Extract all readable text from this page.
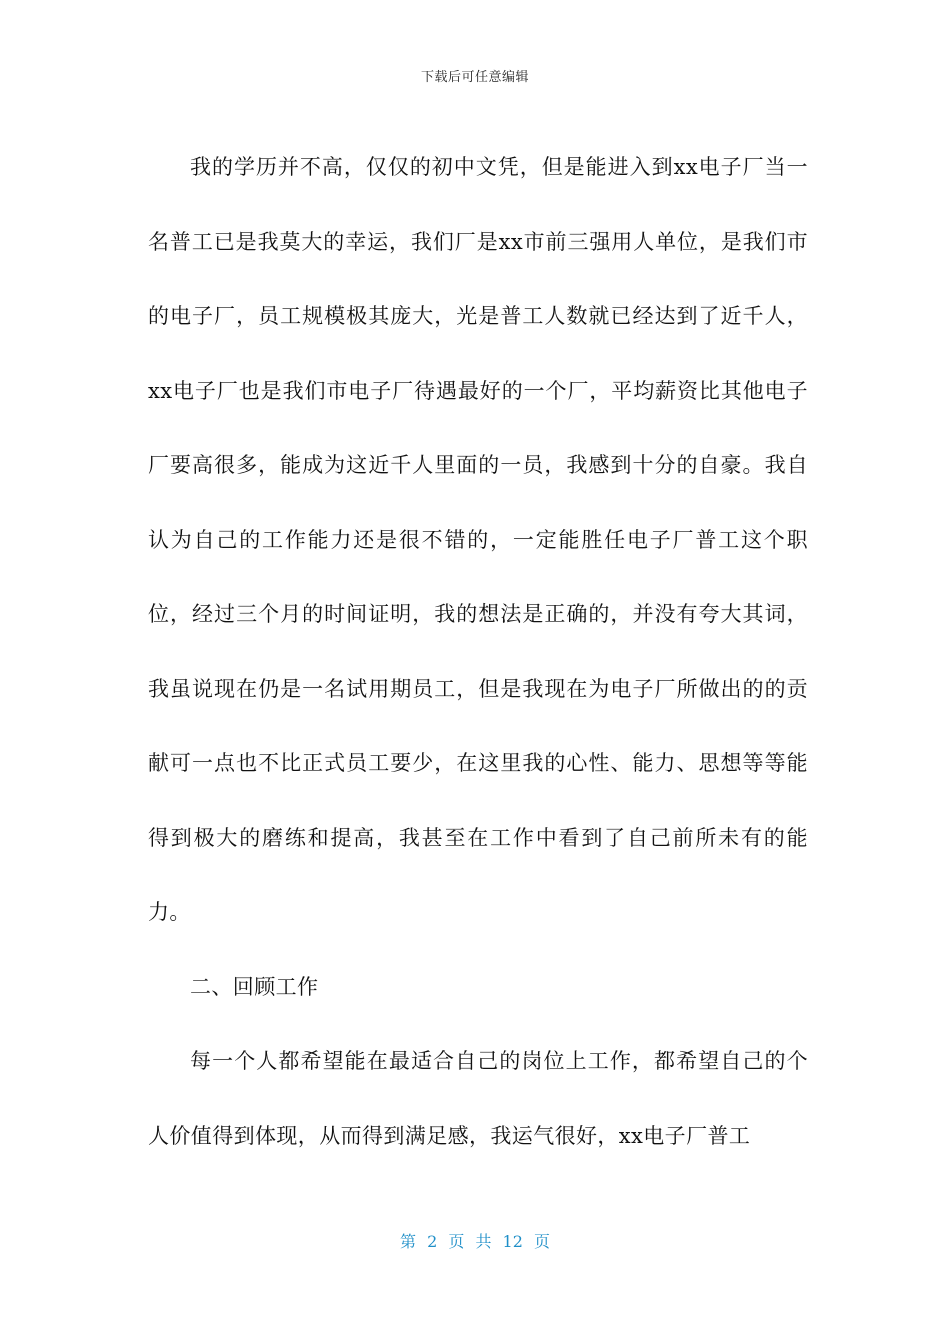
下载后可任意编辑

我的学历并不高，仅仅的初中文凭，但是能进入到xx电子厂当一名普工已是我莫大的幸运，我们厂是xx市前三强用人单位，是我们市的电子厂，员工规模极其庞大，光是普工人数就已经达到了近千人，xx电子厂也是我们市电子厂待遇最好的一个厂，平均薪资比其他电子厂要高很多，能成为这近千人里面的一员，我感到十分的自豪。我自认为自己的工作能力还是很不错的，一定能胜任电子厂普工这个职位，经过三个月的时间证明，我的想法是正确的，并没有夸大其词，我虽说现在仍是一名试用期员工，但是我现在为电子厂所做出的的贡献可一点也不比正式员工要少，在这里我的心性、能力、思想等等能得到极大的磨练和提高，我甚至在工作中看到了自己前所未有的能力。

二、回顾工作

每一个人都希望能在最适合自己的岗位上工作，都希望自己的个人价值得到体现，从而得到满足感，我运气很好，xx电子厂普工

第 2 页 共 12 页
